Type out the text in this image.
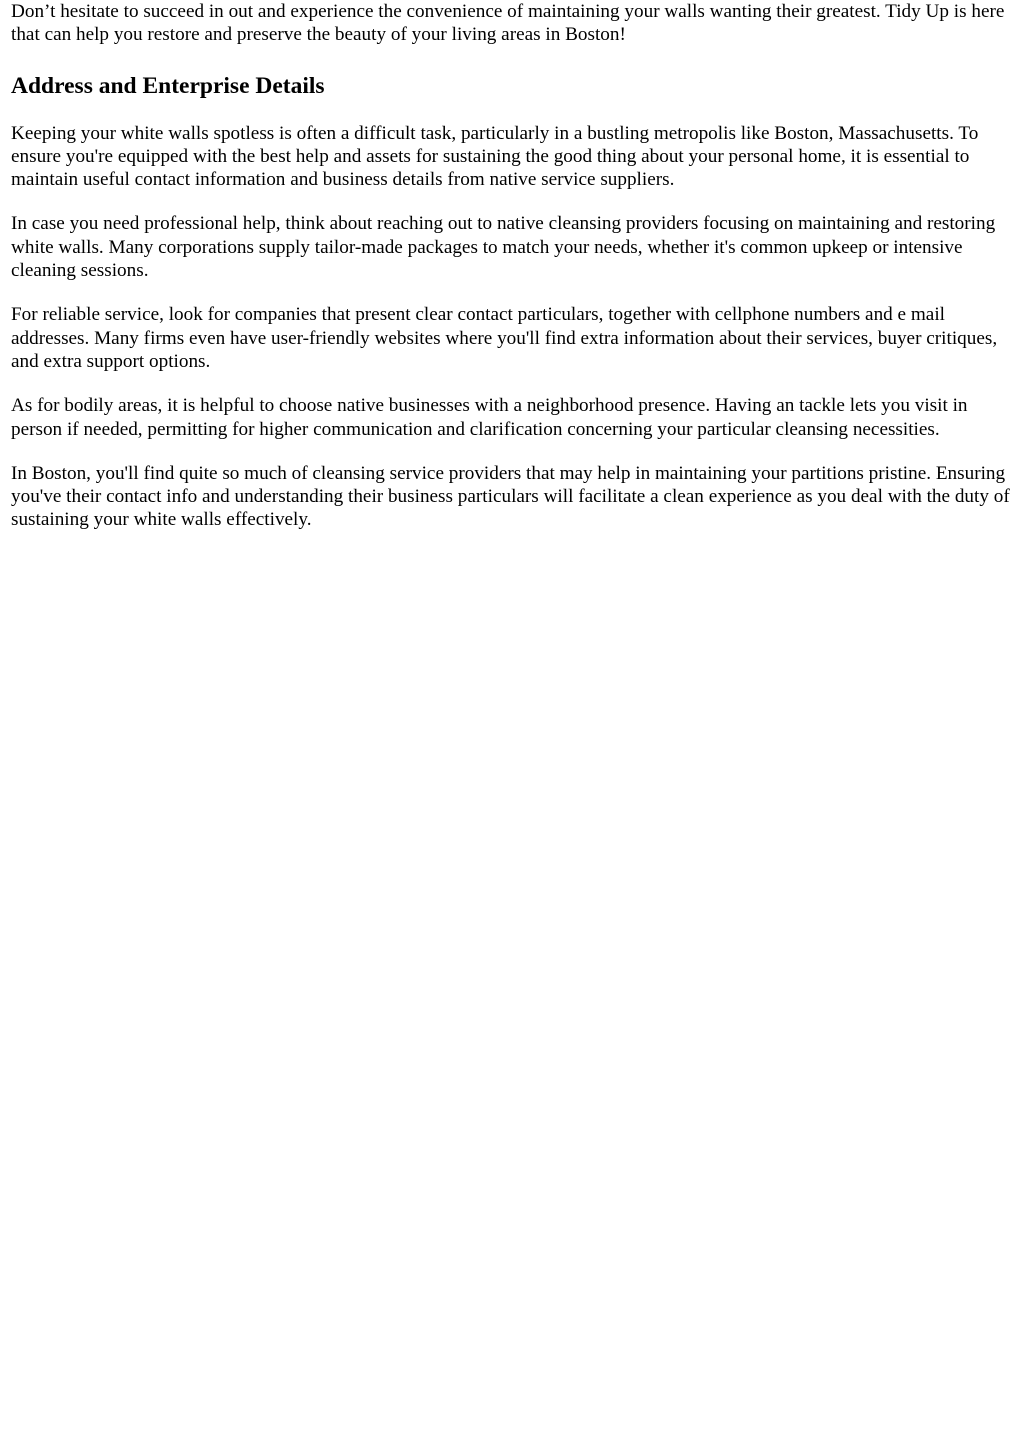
Don’t hesitate to succeed in out and experience the convenience of maintaining your walls wanting their greatest. Tidy Up is here that can help you restore and preserve the beauty of your living areas in Boston!

Address and Enterprise Details

Keeping your white walls spotless is often a difficult task, particularly in a bustling metropolis like Boston, Massachusetts. To ensure you're equipped with the best help and assets for sustaining the good thing about your personal home, it is essential to maintain useful contact information and business details from native service suppliers.

In case you need professional help, think about reaching out to native cleansing providers focusing on maintaining and restoring white walls. Many corporations supply tailor-made packages to match your needs, whether it's common upkeep or intensive cleaning sessions.

For reliable service, look for companies that present clear contact particulars, together with cellphone numbers and e mail addresses. Many firms even have user-friendly websites where you'll find extra information about their services, buyer critiques, and extra support options.

As for bodily areas, it is helpful to choose native businesses with a neighborhood presence. Having an tackle lets you visit in person if needed, permitting for higher communication and clarification concerning your particular cleansing necessities.

In Boston, you'll find quite so much of cleansing service providers that may help in maintaining your partitions pristine. Ensuring you've their contact info and understanding their business particulars will facilitate a clean experience as you deal with the duty of sustaining your white walls effectively.
